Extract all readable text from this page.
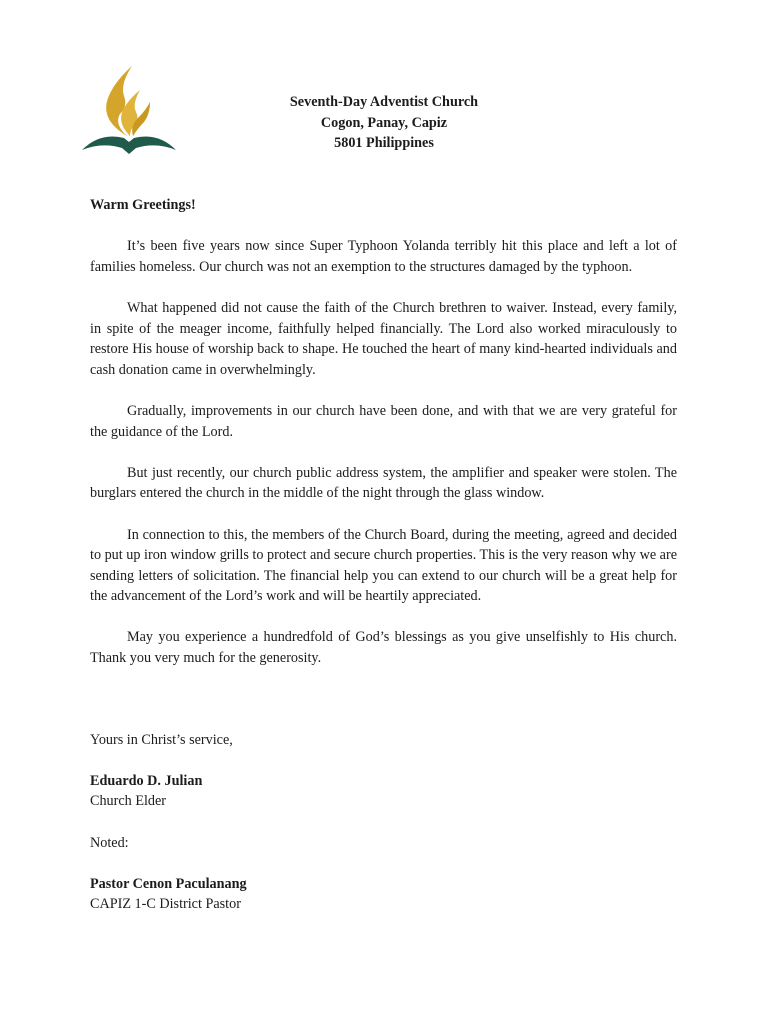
Seventh-Day Adventist Church
Cogon, Panay, Capiz
5801 Philippines

Warm Greetings!

It’s been five years now since Super Typhoon Yolanda terribly hit this place and left a lot of families homeless. Our church was not an exemption to the structures damaged by the typhoon.

What happened did not cause the faith of the Church brethren to waiver. Instead, every family, in spite of the meager income, faithfully helped financially. The Lord also worked miraculously to restore His house of worship back to shape. He touched the heart of many kind-hearted individuals and cash donation came in overwhelmingly.

Gradually, improvements in our church have been done, and with that we are very grateful for the guidance of the Lord.

But just recently, our church public address system, the amplifier and speaker were stolen. The burglars entered the church in the middle of the night through the glass window.

In connection to this, the members of the Church Board, during the meeting, agreed and decided to put up iron window grills to protect and secure church properties. This is the very reason why we are sending letters of solicitation. The financial help you can extend to our church will be a great help for the advancement of the Lord’s work and will be heartily appreciated.

May you experience a hundredfold of God’s blessings as you give unselfishly to His church. Thank you very much for the generosity.

Yours in Christ’s service,

Eduardo D. Julian

Church Elder

Noted:

Pastor Cenon Paculanang

CAPIZ 1-C District Pastor
